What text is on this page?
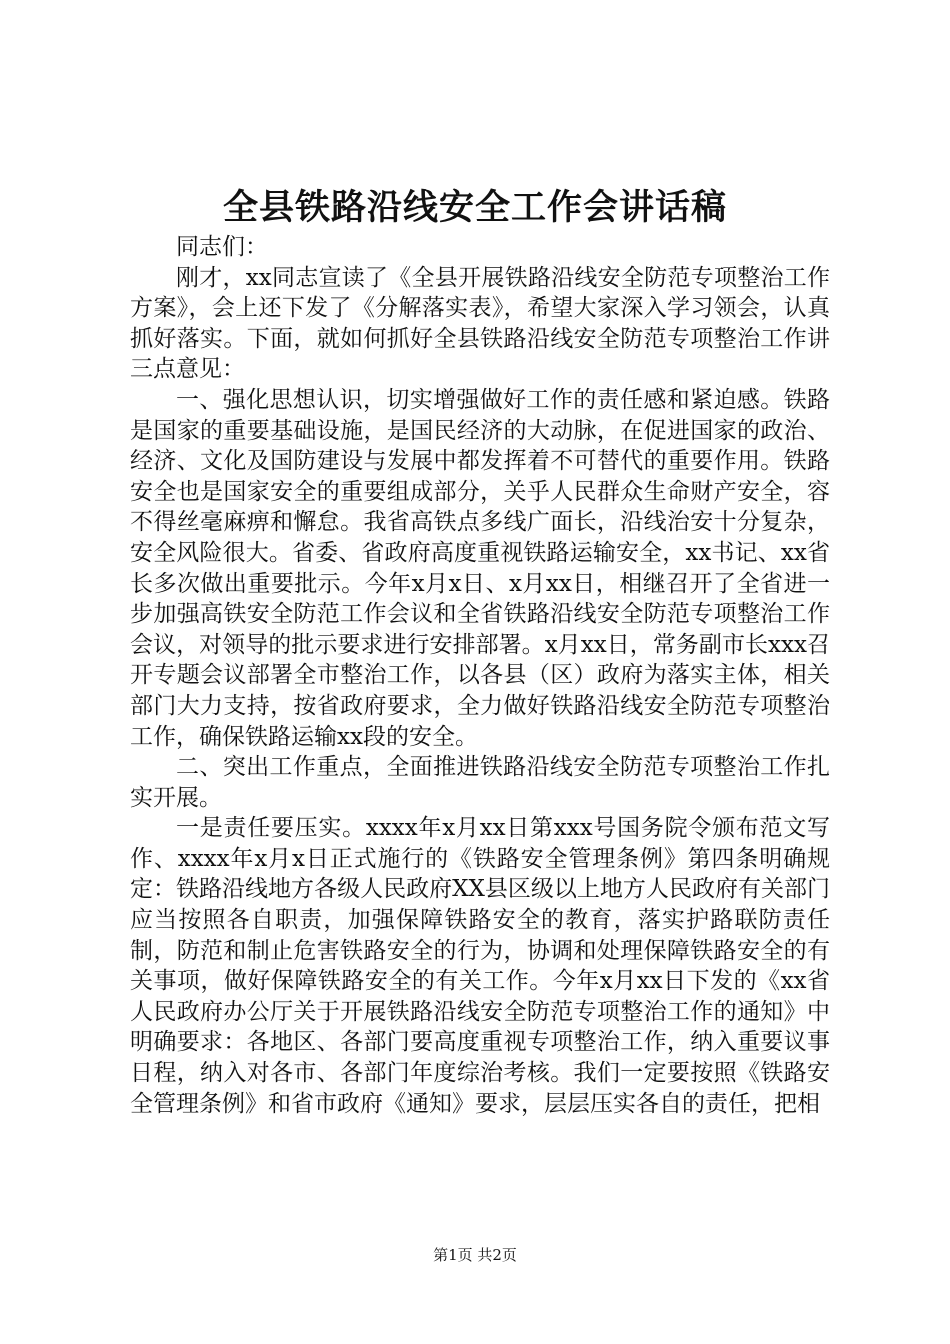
全县铁路沿线安全工作会讲话稿

同志们：

刚才，xx同志宣读了《全县开展铁路沿线安全防范专项整治工作方案》，会上还下发了《分解落实表》，希望大家深入学习领会，认真抓好落实。下面，就如何抓好全县铁路沿线安全防范专项整治工作讲三点意见：

一、强化思想认识，切实增强做好工作的责任感和紧迫感。铁路是国家的重要基础设施，是国民经济的大动脉，在促进国家的政治、经济、文化及国防建设与发展中都发挥着不可替代的重要作用。铁路安全也是国家安全的重要组成部分，关乎人民群众生命财产安全，容不得丝毫麻痹和懈怠。我省高铁点多线广面长，沿线治安十分复杂，安全风险很大。省委、省政府高度重视铁路运输安全，xx书记、xx省长多次做出重要批示。今年x月x日、x月xx日，相继召开了全省进一步加强高铁安全防范工作会议和全省铁路沿线安全防范专项整治工作会议，对领导的批示要求进行安排部署。x月xx日，常务副市长xxx召开专题会议部署全市整治工作，以各县（区）政府为落实主体，相关部门大力支持，按省政府要求，全力做好铁路沿线安全防范专项整治工作，确保铁路运输xx段的安全。

二、突出工作重点，全面推进铁路沿线安全防范专项整治工作扎实开展。

一是责任要压实。xxxx年x月xx日第xxx号国务院令颁布范文写作、xxxx年x月x日正式施行的《铁路安全管理条例》第四条明确规定：铁路沿线地方各级人民政府XX县区级以上地方人民政府有关部门应当按照各自职责，加强保障铁路安全的教育，落实护路联防责任制，防范和制止危害铁路安全的行为，协调和处理保障铁路安全的有关事项，做好保障铁路安全的有关工作。今年x月xx日下发的《xx省人民政府办公厅关于开展铁路沿线安全防范专项整治工作的通知》中明确要求：各地区、各部门要高度重视专项整治工作，纳入重要议事日程，纳入对各市、各部门年度综治考核。我们一定要按照《铁路安全管理条例》和省市政府《通知》要求，层层压实各自的责任，把相

第1页 共2页
